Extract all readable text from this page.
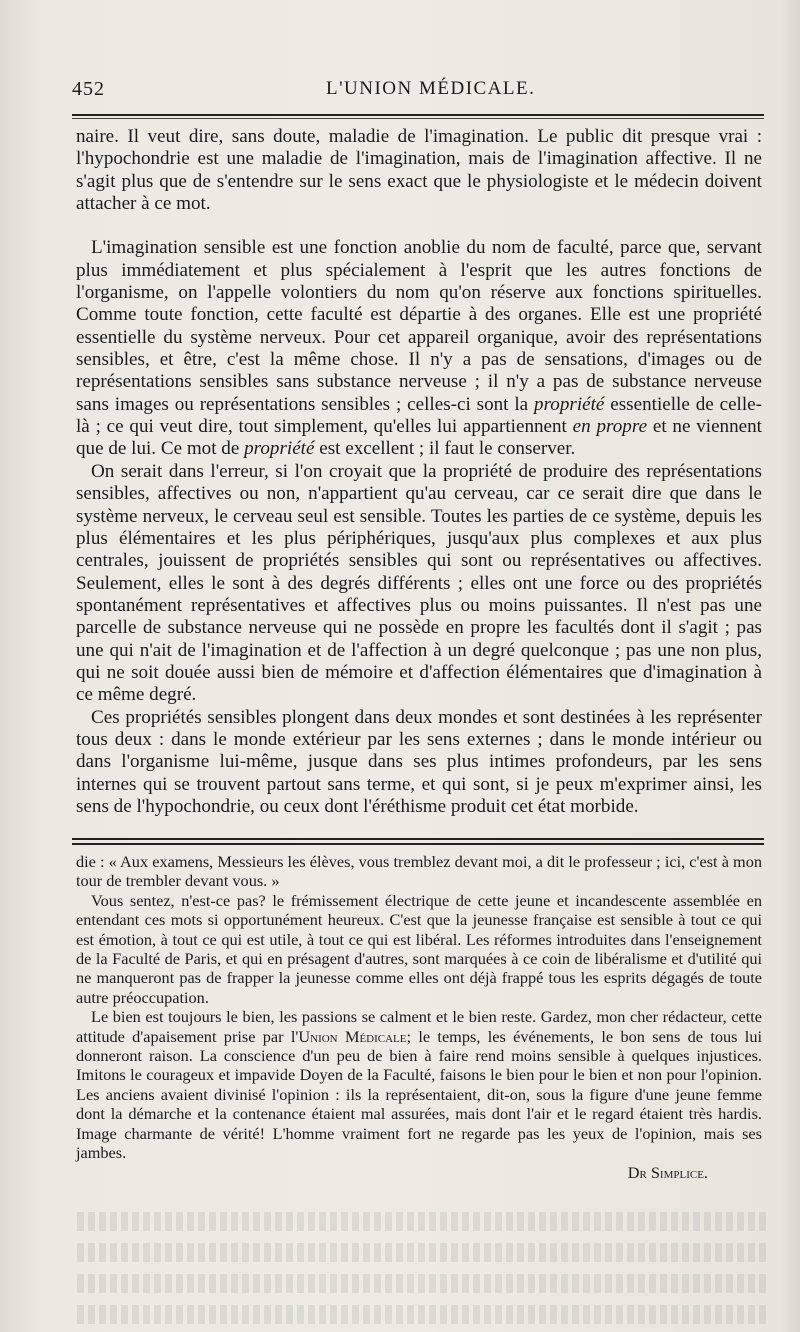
452	L'UNION MÉDICALE.

naire. Il veut dire, sans doute, maladie de l'imagination. Le public dit presque vrai : l'hypochondrie est une maladie de l'imagination, mais de l'imagination affective. Il ne s'agit plus que de s'entendre sur le sens exact que le physiologiste et le médecin doivent attacher à ce mot.

L'imagination sensible est une fonction anoblie du nom de faculté, parce que, servant plus immédiatement et plus spécialement à l'esprit que les autres fonctions de l'organisme, on l'appelle volontiers du nom qu'on réserve aux fonctions spirituelles. Comme toute fonction, cette faculté est départie à des organes. Elle est une propriété essentielle du système nerveux. Pour cet appareil organique, avoir des représentations sensibles, et être, c'est la même chose. Il n'y a pas de sensations, d'images ou de représentations sensibles sans substance nerveuse ; il n'y a pas de substance nerveuse sans images ou représentations sensibles ; celles-ci sont la propriété essentielle de celle-là ; ce qui veut dire, tout simplement, qu'elles lui appartiennent en propre et ne viennent que de lui. Ce mot de propriété est excellent ; il faut le conserver.

On serait dans l'erreur, si l'on croyait que la propriété de produire des représentations sensibles, affectives ou non, n'appartient qu'au cerveau, car ce serait dire que dans le système nerveux, le cerveau seul est sensible. Toutes les parties de ce système, depuis les plus élémentaires et les plus périphériques, jusqu'aux plus complexes et aux plus centrales, jouissent de propriétés sensibles qui sont ou représentatives ou affectives. Seulement, elles le sont à des degrés différents ; elles ont une force ou des propriétés spontanément représentatives et affectives plus ou moins puissantes. Il n'est pas une parcelle de substance nerveuse qui ne possède en propre les facultés dont il s'agit ; pas une qui n'ait de l'imagination et de l'affection à un degré quelconque ; pas une non plus, qui ne soit douée aussi bien de mémoire et d'affection élémentaires que d'imagination à ce même degré.

Ces propriétés sensibles plongent dans deux mondes et sont destinées à les représenter tous deux : dans le monde extérieur par les sens externes ; dans le monde intérieur ou dans l'organisme lui-même, jusque dans ses plus intimes profondeurs, par les sens internes qui se trouvent partout sans terme, et qui sont, si je peux m'exprimer ainsi, les sens de l'hypochondrie, ou ceux dont l'éréthisme produit cet état morbide.

die : « Aux examens, Messieurs les élèves, vous tremblez devant moi, a dit le professeur ; ici, c'est à mon tour de trembler devant vous. »

Vous sentez, n'est-ce pas? le frémissement électrique de cette jeune et incandescente assemblée en entendant ces mots si opportunément heureux. C'est que la jeunesse française est sensible à tout ce qui est émotion, à tout ce qui est utile, à tout ce qui est libéral. Les réformes introduites dans l'enseignement de la Faculté de Paris, et qui en présagent d'autres, sont marquées à ce coin de libéralisme et d'utilité qui ne manqueront pas de frapper la jeunesse comme elles ont déjà frappé tous les esprits dégagés de toute autre préoccupation.

Le bien est toujours le bien, les passions se calment et le bien reste. Gardez, mon cher rédacteur, cette attitude d'apaisement prise par l'Union Médicale; le temps, les événements, le bon sens de tous lui donneront raison. La conscience d'un peu de bien à faire rend moins sensible à quelques injustices. Imitons le courageux et impavide Doyen de la Faculté, faisons le bien pour le bien et non pour l'opinion. Les anciens avaient divinisé l'opinion : ils la représentaient, dit-on, sous la figure d'une jeune femme dont la démarche et la contenance étaient mal assurées, mais dont l'air et le regard étaient très hardis. Image charmante de vérité! L'homme vraiment fort ne regarde pas les yeux de l'opinion, mais ses jambes.

Dr Simplice.
